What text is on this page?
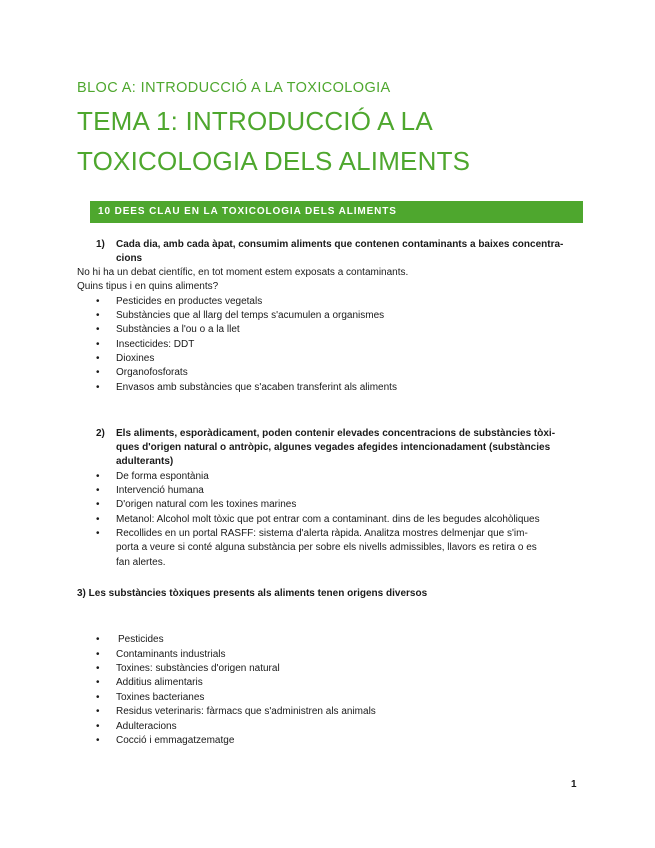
BLOC A: INTRODUCCIÓ A LA TOXICOLOGIA
TEMA 1: INTRODUCCIÓ A LA TOXICOLOGIA DELS ALIMENTS
10 DEES CLAU EN LA TOXICOLOGIA DELS ALIMENTS
1) Cada dia, amb cada àpat, consumim aliments que contenen contaminants a baixes concentra-
cions
No hi ha un debat científic, en tot moment estem exposats a contaminants.
Quins tipus i en quins aliments?
• Pesticides en productes vegetals
• Substàncies que al llarg del temps s'acumulen a organismes
• Substàncies a l'ou o a la llet
• Insecticides: DDT
• Dioxines
• Organofosforats
• Envasos amb substàncies que s'acaben transferint als aliments
2) Els aliments, esporàdicament, poden contenir elevades concentracions de substàncies tòxi-
ques d'origen natural o antròpic, algunes vegades afegides intencionadament (substàncies
adulterants)
• De forma espontània
• Intervenció humana
• D'origen natural com les toxines marines
• Metanol: Alcohol molt tòxic que pot entrar com a contaminant. dins de les begudes alcohòliques
• Recollides en un portal RASFF: sistema d'alerta ràpida. Analitza mostres delmenjar que s'im-
porta a veure si conté alguna substància per sobre els nivells admissibles, llavors es retira o es
fan alertes.
3) Les substàncies tòxiques presents als aliments tenen origens diversos
• Pesticides
• Contaminants industrials
• Toxines: substàncies d'origen natural
• Additius alimentaris
• Toxines bacterianes
• Residus veterinaris: fàrmacs que s'administren als animals
• Adulteracions
• Cocció i emmagatzematge
1
